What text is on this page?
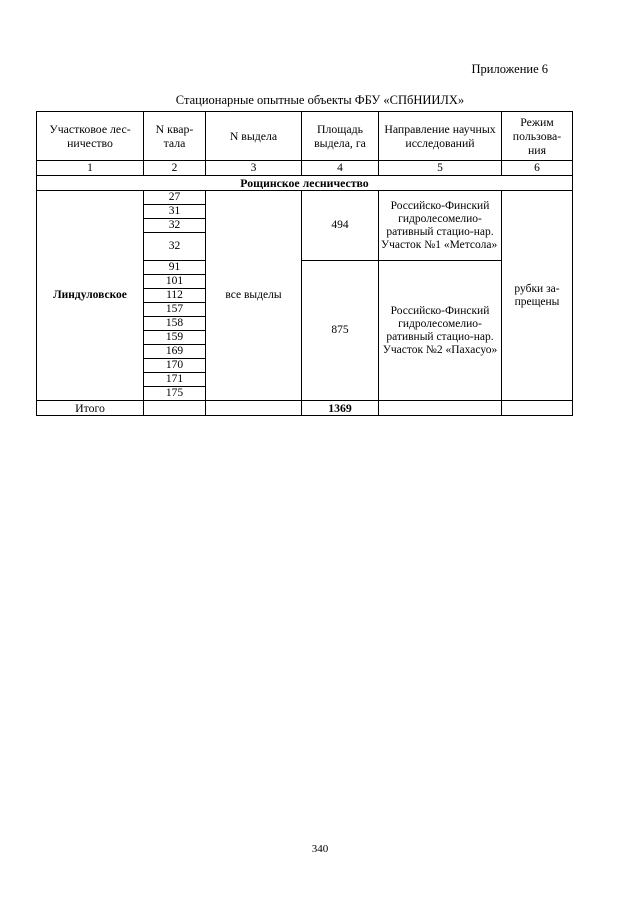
Приложение 6
Стационарные опытные объекты ФБУ «СПбНИИЛХ»
Участковое лес-ничество	N квар-тала	N выдела	Площадь выдела, га	Направление научных исследований	Режим пользова-ния
1	2	3	4	5	6
Рощинское лесничество					
Линдуловское	27	все выделы	494	Российско-Финский гидролесомелио-ративный стацио-нар. Участок №1 «Метсола»	рубки за-прещены
	31				
	32				
	32				
	91		875	Российско-Финский гидролесомелио-ративный стацио-нар. Участок №2 «Пахасуо»	
	101				
	112				
	157				
	158				
	159				
	169				
	170				
	171				
	175				
Итого			1369		
340
